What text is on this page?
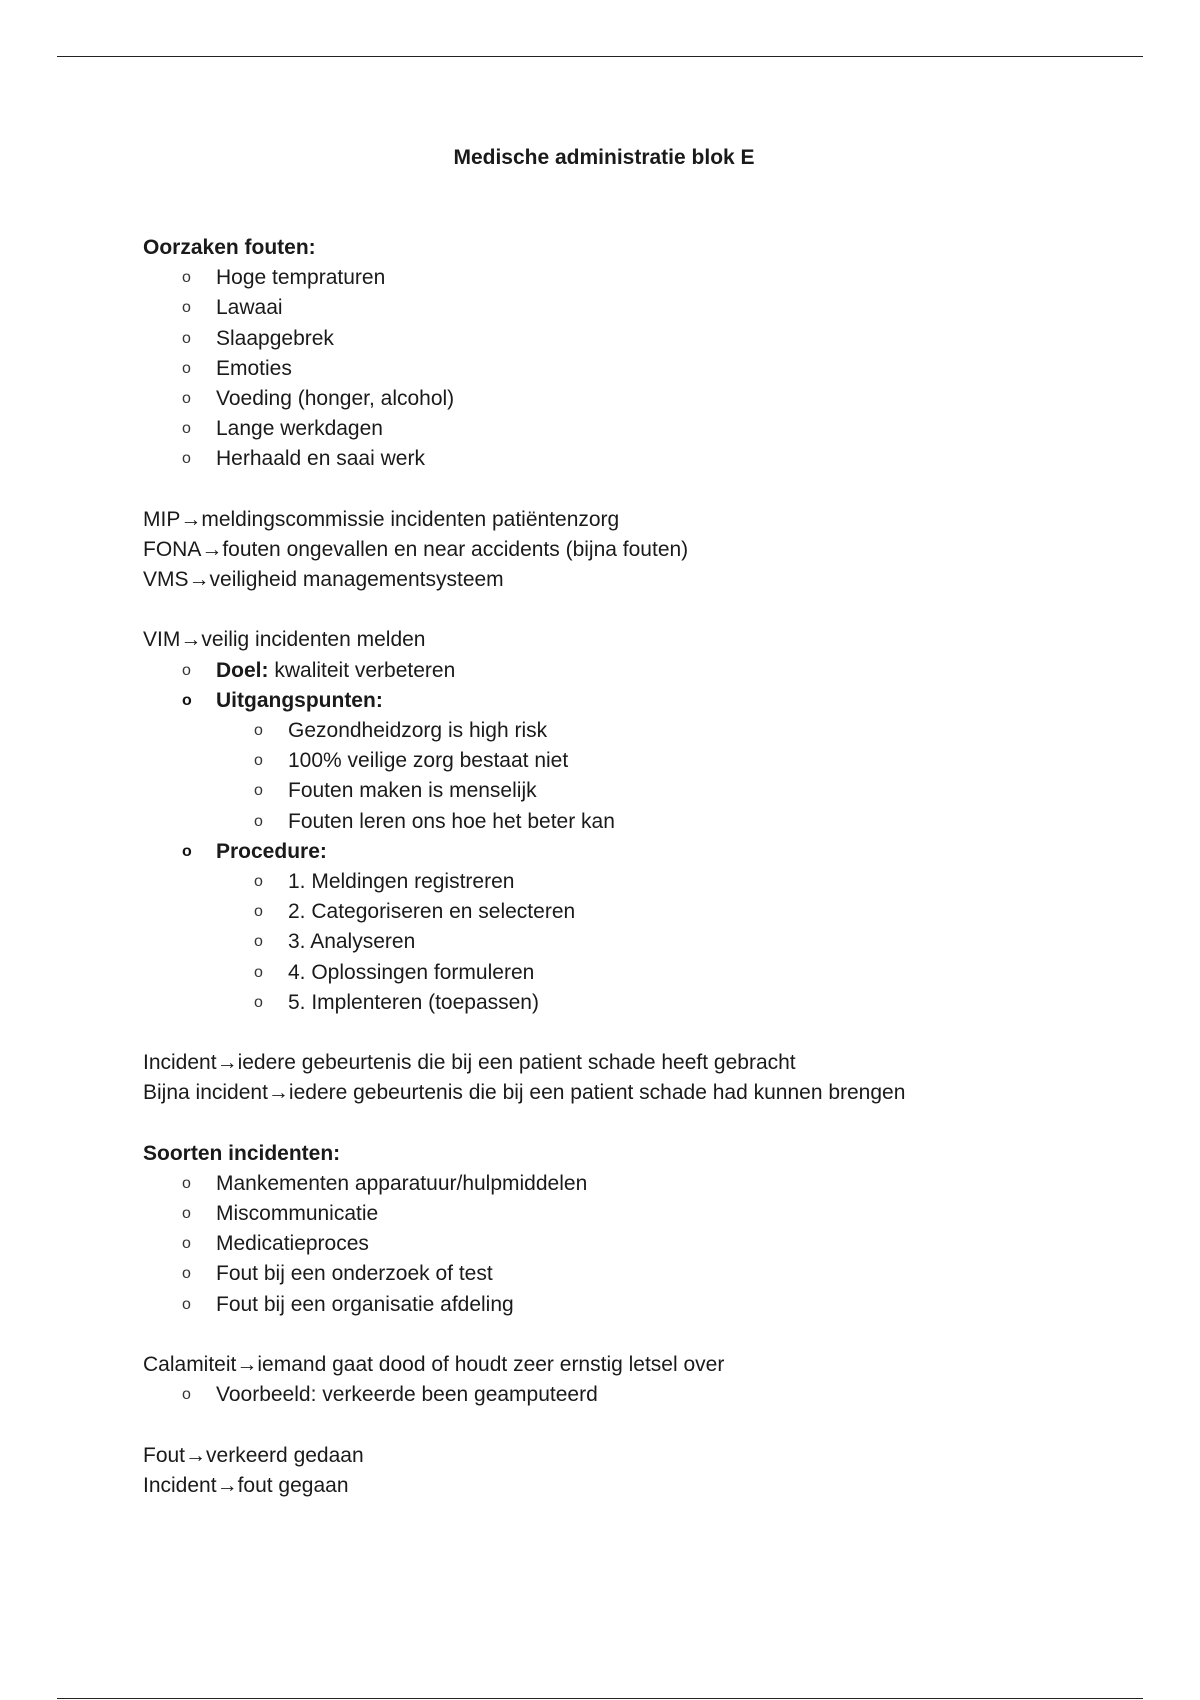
Medische administratie blok E
Oorzaken fouten:
o Hoge tempraturen
o Lawaai
o Slaapgebrek
o Emoties
o Voeding (honger, alcohol)
o Lange werkdagen
o Herhaald en saai werk
MIP→meldingscommissie incidenten patiëntenzorg
FONA→fouten ongevallen en near accidents (bijna fouten)
VMS→veiligheid managementsysteem
VIM→veilig incidenten melden
o Doel: kwaliteit verbeteren
o Uitgangspunten:
o Gezondheidzorg is high risk
o 100% veilige zorg bestaat niet
o Fouten maken is menselijk
o Fouten leren ons hoe het beter kan
o Procedure:
o 1. Meldingen registreren
o 2. Categoriseren en selecteren
o 3. Analyseren
o 4. Oplossingen formuleren
o 5. Implenteren (toepassen)
Incident→iedere gebeurtenis die bij een patient schade heeft gebracht
Bijna incident→iedere gebeurtenis die bij een patient schade had kunnen brengen
Soorten incidenten:
o Mankementen apparatuur/hulpmiddelen
o Miscommunicatie
o Medicatieproces
o Fout bij een onderzoek of test
o Fout bij een organisatie afdeling
Calamiteit→iemand gaat dood of houdt zeer ernstig letsel over
o Voorbeeld: verkeerde been geamputeerd
Fout→verkeerd gedaan
Incident→fout gegaan
